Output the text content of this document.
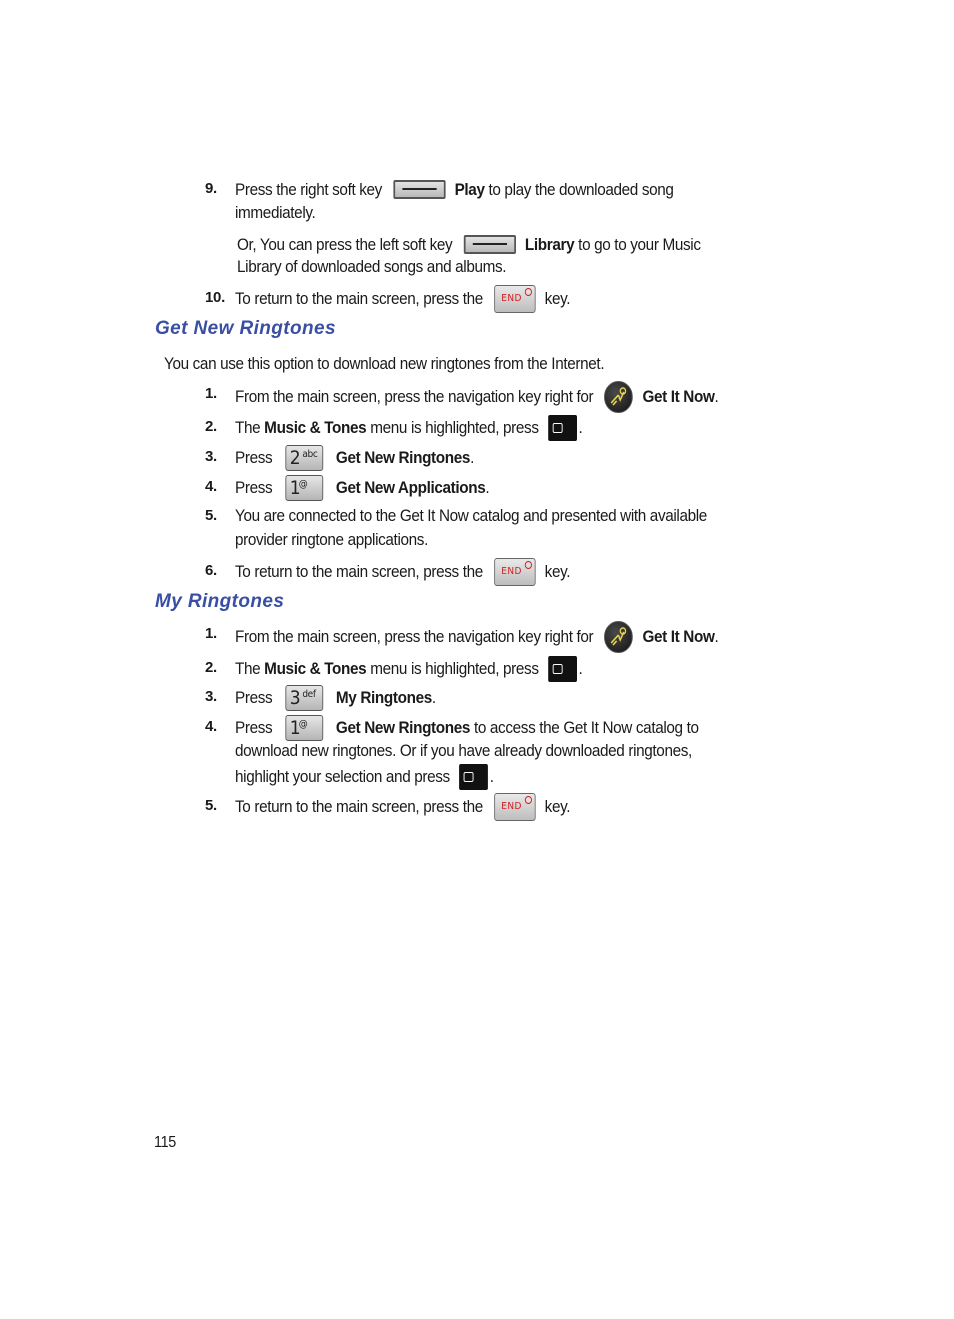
9. Press the right soft key	Play to play the downloaded song
immediately.
Or, You can press the left soft key	Library to go to your Music
Library of downloaded songs and albums.
10. To return to the main screen, press the END key.
Get New Ringtones
You can use this option to download new ringtones from the Internet.
1. From the main screen, press the navigation key right for	Get It Now.
2. The Music & Tones menu is highlighted, press .
3. Press 2 abc Get New Ringtones.
4. Press 1
@ Get New Applications.
5. You are connected to the Get It Now catalog and presented with available
provider ringtone applications.
6. To return to the main screen, press the END key.
My Ringtones
1. From the main screen, press the navigation key right for	Get It Now.
2. The Music & Tones menu is highlighted, press .
3. Press 3 def My Ringtones.
4. Press 1
@ Get New Ringtones to access the Get It Now catalog to
download new ringtones. Or if you have already downloaded ringtones,
highlight your selection and press .
5. To return to the main screen, press the END key.
115
